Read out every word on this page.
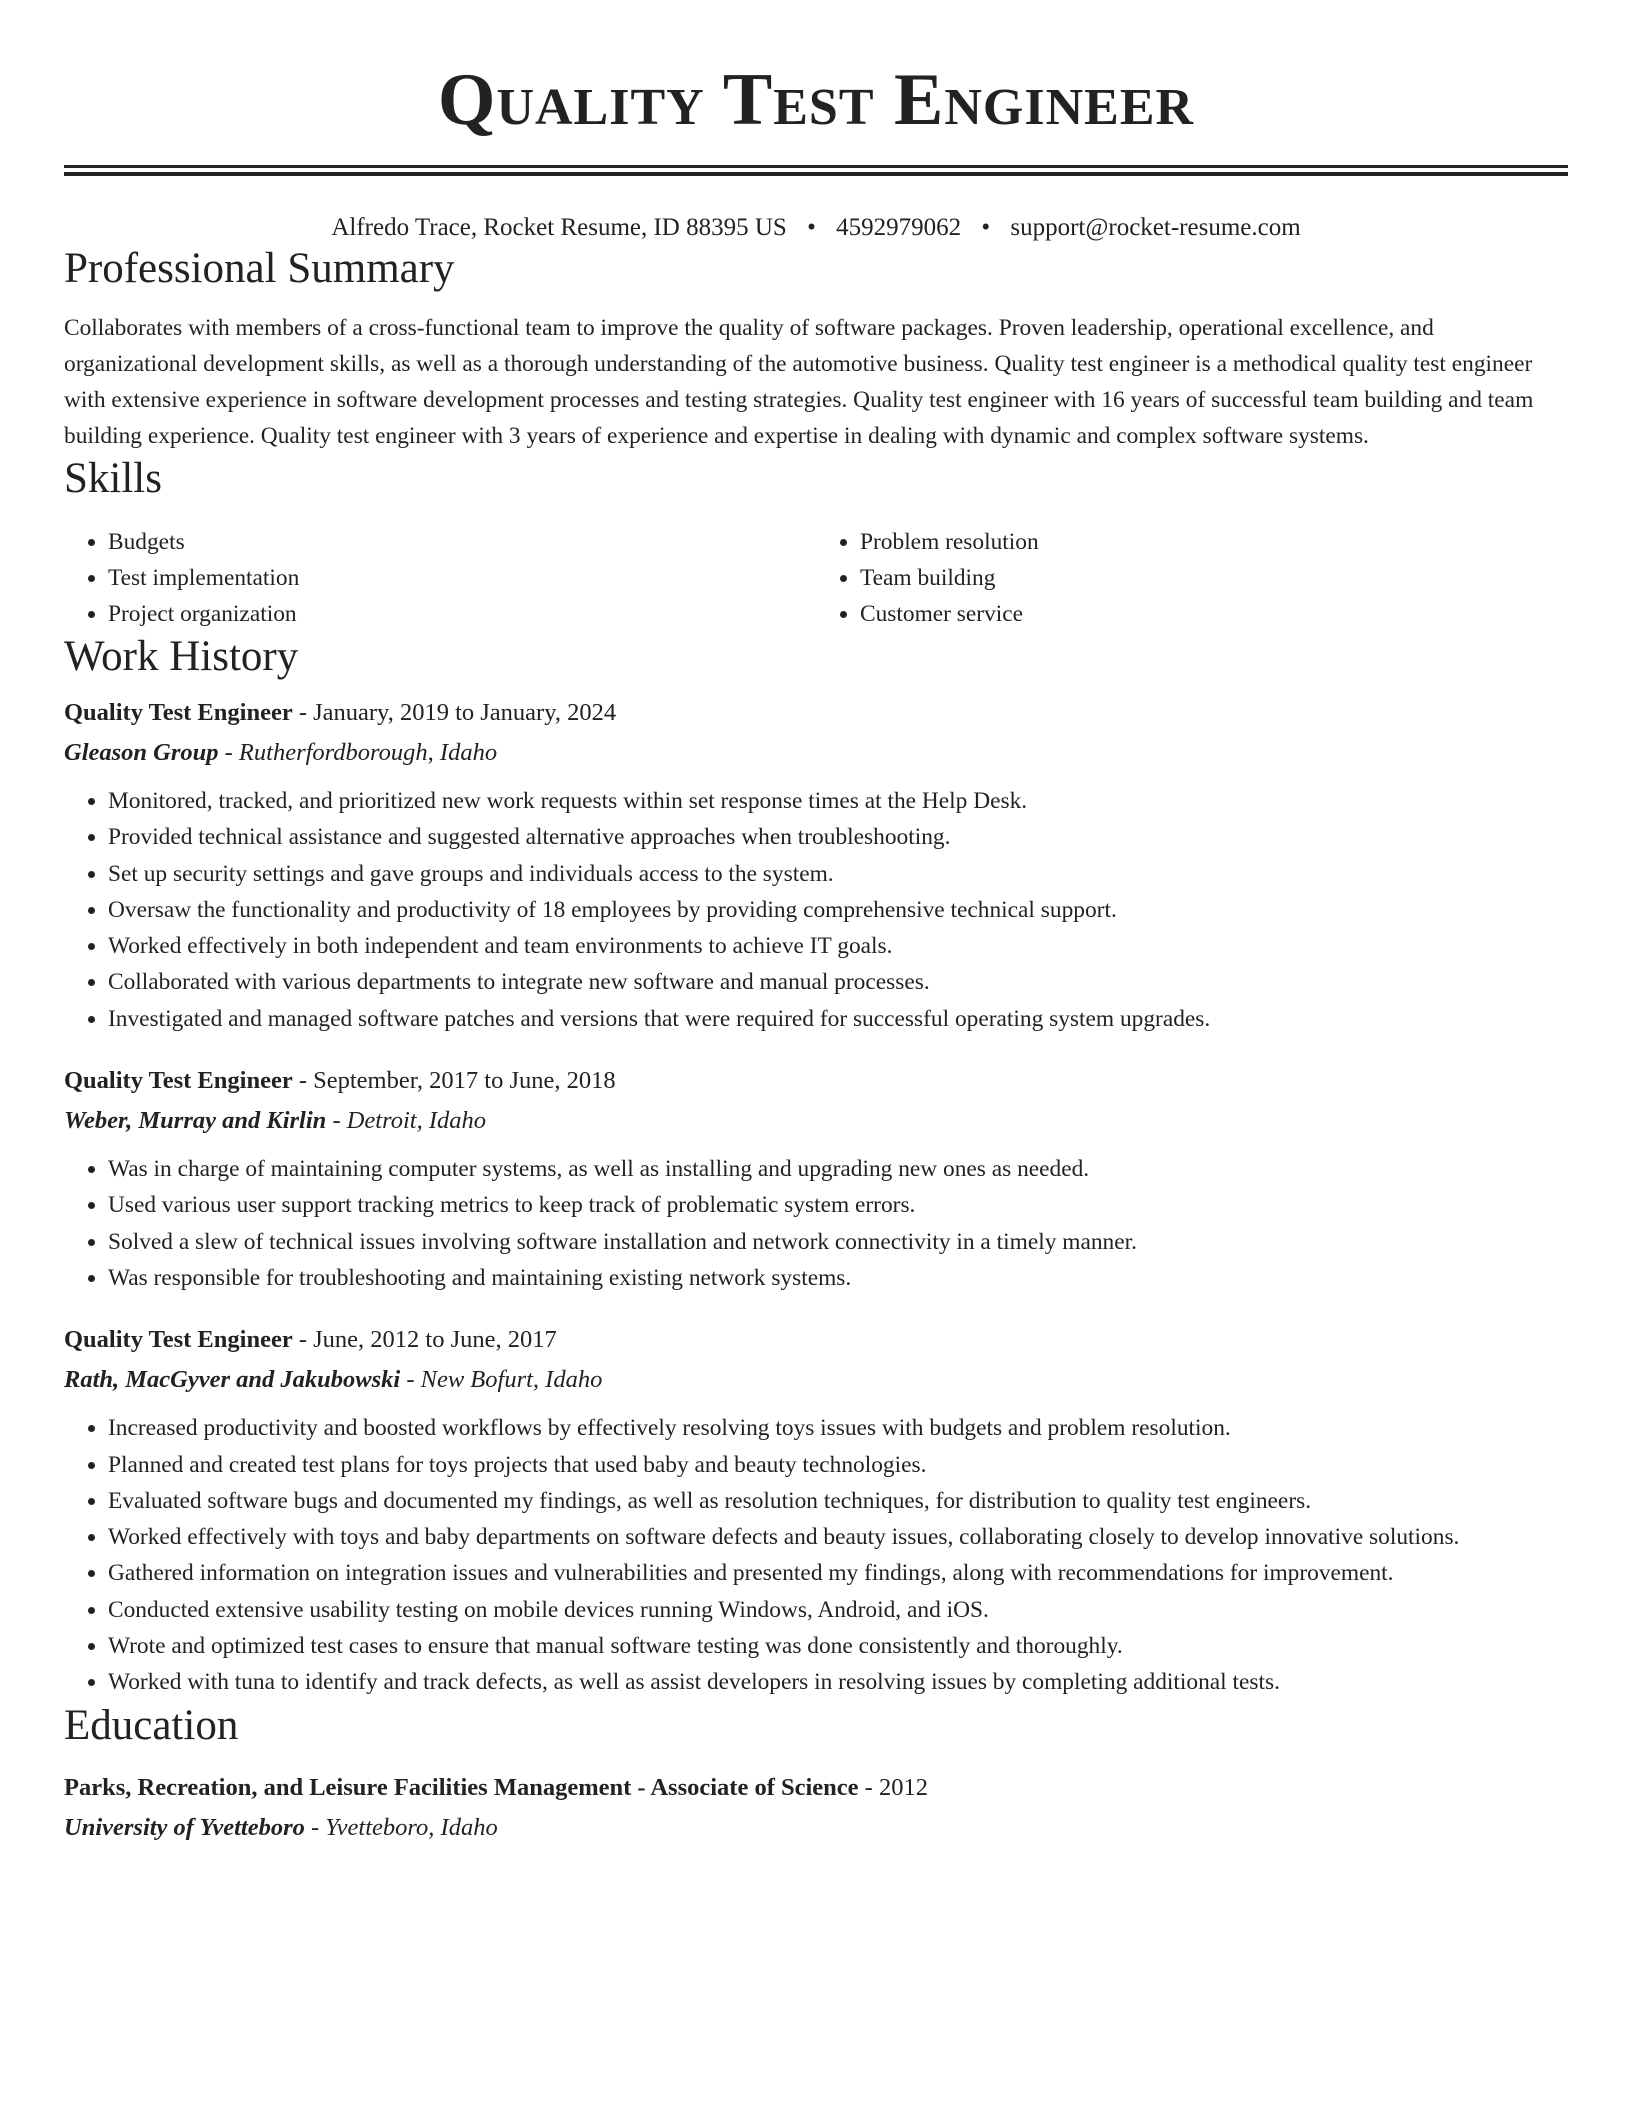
Quality Test Engineer
Alfredo Trace, Rocket Resume, ID 88395 US • 4592979062 • support@rocket-resume.com
Professional Summary

Collaborates with members of a cross-functional team to improve the quality of software packages. Proven leadership, operational excellence, and organizational development skills, as well as a thorough understanding of the automotive business. Quality test engineer is a methodical quality test engineer with extensive experience in software development processes and testing strategies. Quality test engineer with 16 years of successful team building and team building experience. Quality test engineer with 3 years of experience and expertise in dealing with dynamic and complex software systems.

Skills
• Budgets
• Test implementation
• Project organization
• Problem resolution
• Team building
• Customer service
Work History
Quality Test Engineer - January, 2019 to January, 2024
Gleason Group - Rutherfordborough, Idaho
• Monitored, tracked, and prioritized new work requests within set response times at the Help Desk.
• Provided technical assistance and suggested alternative approaches when troubleshooting.
• Set up security settings and gave groups and individuals access to the system.
• Oversaw the functionality and productivity of 18 employees by providing comprehensive technical support.
• Worked effectively in both independent and team environments to achieve IT goals.
• Collaborated with various departments to integrate new software and manual processes.
• Investigated and managed software patches and versions that were required for successful operating system upgrades.
Quality Test Engineer - September, 2017 to June, 2018
Weber, Murray and Kirlin - Detroit, Idaho
• Was in charge of maintaining computer systems, as well as installing and upgrading new ones as needed.
• Used various user support tracking metrics to keep track of problematic system errors.
• Solved a slew of technical issues involving software installation and network connectivity in a timely manner.
• Was responsible for troubleshooting and maintaining existing network systems.
Quality Test Engineer - June, 2012 to June, 2017
Rath, MacGyver and Jakubowski - New Bofurt, Idaho
• Increased productivity and boosted workflows by effectively resolving toys issues with budgets and problem resolution.
• Planned and created test plans for toys projects that used baby and beauty technologies.
• Evaluated software bugs and documented my findings, as well as resolution techniques, for distribution to quality test engineers.
• Worked effectively with toys and baby departments on software defects and beauty issues, collaborating closely to develop innovative solutions.
• Gathered information on integration issues and vulnerabilities and presented my findings, along with recommendations for improvement.
• Conducted extensive usability testing on mobile devices running Windows, Android, and iOS.
• Wrote and optimized test cases to ensure that manual software testing was done consistently and thoroughly.
• Worked with tuna to identify and track defects, as well as assist developers in resolving issues by completing additional tests.
Education
Parks, Recreation, and Leisure Facilities Management - Associate of Science - 2012
University of Yvetteboro - Yvetteboro, Idaho
